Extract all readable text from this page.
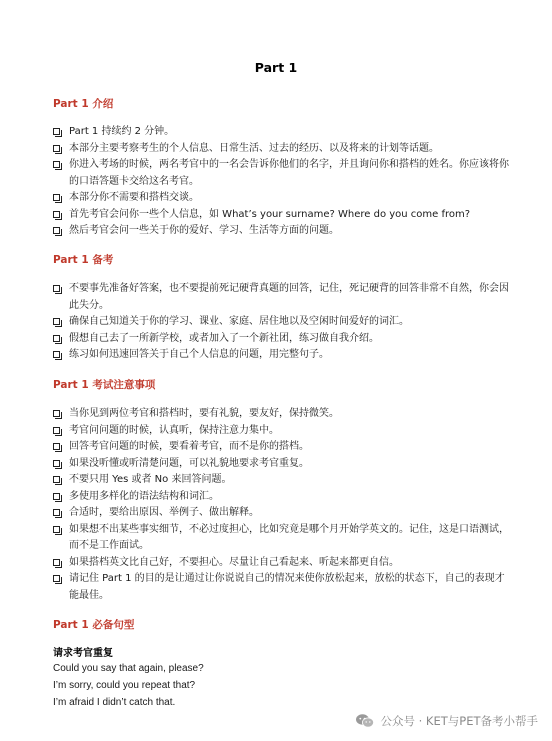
Part 1
Part 1 介绍
Part 1 持续约 2 分钟。
本部分主要考察考生的个人信息、日常生活、过去的经历、以及将来的计划等话题。
你进入考场的时候，两名考官中的一名会告诉你他们的名字，并且询问你和搭档的姓名。你应该将你的口语答题卡交给这名考官。
本部分你不需要和搭档交谈。
首先考官会问你一些个人信息，如 What’s your surname? Where do you come from?
然后考官会问一些关于你的爱好、学习、生活等方面的问题。
Part 1 备考
不要事先准备好答案，也不要提前死记硬背真题的回答，记住，死记硬背的回答非常不自然，你会因此失分。
确保自己知道关于你的学习、课业、家庭、居住地以及空闲时间爱好的词汇。
假想自己去了一所新学校，或者加入了一个新社团，练习做自我介绍。
练习如何迅速回答关于自己个人信息的问题，用完整句子。
Part 1 考试注意事项
当你见到两位考官和搭档时，要有礼貌，要友好，保持微笑。
考官问问题的时候，认真听，保持注意力集中。
回答考官问题的时候，要看着考官，而不是你的搭档。
如果没听懂或听清楚问题，可以礼貌地要求考官重复。
不要只用 Yes 或者 No 来回答问题。
多使用多样化的语法结构和词汇。
合适时，要给出原因、举例子、做出解释。
如果想不出某些事实细节，不必过度担心，比如究竟是哪个月开始学英文的。记住，这是口语测试，而不是工作面试。
如果搭档英文比自己好，不要担心。尽量让自己看起来、听起来都更自信。
请记住 Part 1 的目的是让通过让你说说自己的情况来使你放松起来，放松的状态下，自己的表现才能最佳。
Part 1 必备句型
请求考官重复
Could you say that again, please?
I’m sorry, could you repeat that?
I’m afraid I didn’t catch that.
公众号 · KET与PET备考小帮手
